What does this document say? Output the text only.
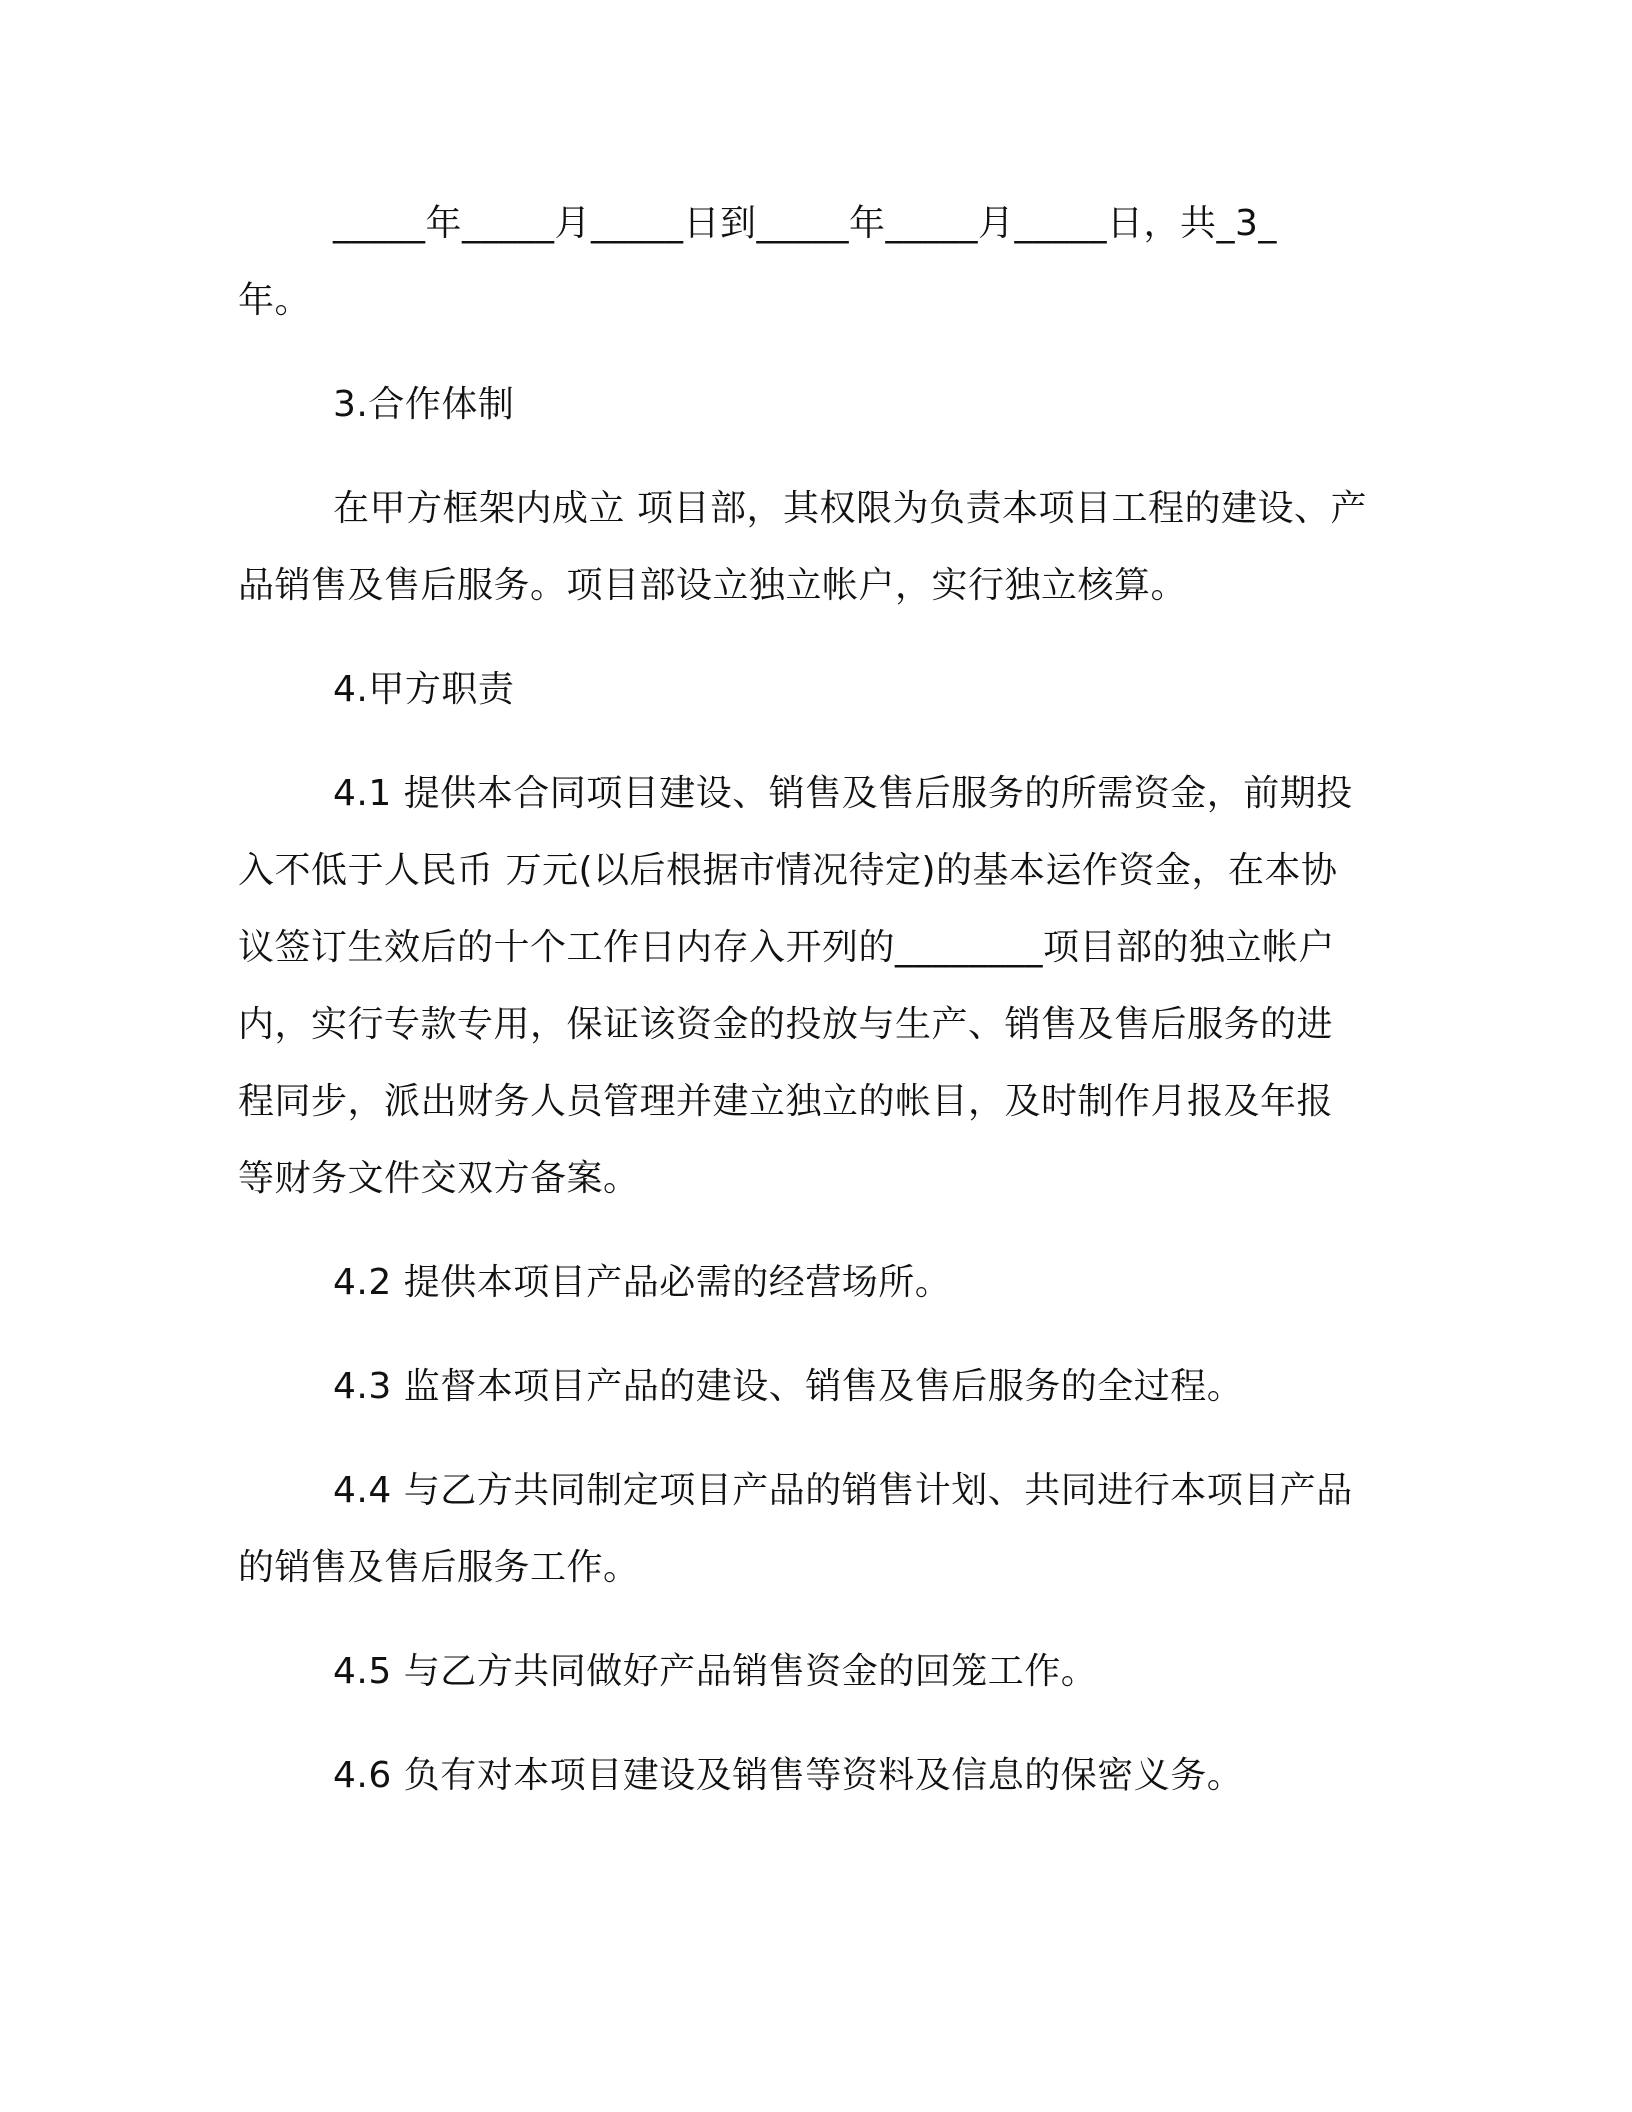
_____年_____月_____日到_____年_____月_____日，共_3_
年。
3.合作体制
在甲方框架内成立 项目部，其权限为负责本项目工程的建设、产
品销售及售后服务。项目部设立独立帐户，实行独立核算。
4.甲方职责
4.1 提供本合同项目建设、销售及售后服务的所需资金，前期投
入不低于人民币 万元(以后根据市情况待定)的基本运作资金，在本协
议签订生效后的十个工作日内存入开列的________项目部的独立帐户
内，实行专款专用，保证该资金的投放与生产、销售及售后服务的进
程同步，派出财务人员管理并建立独立的帐目，及时制作月报及年报
等财务文件交双方备案。
4.2 提供本项目产品必需的经营场所。
4.3 监督本项目产品的建设、销售及售后服务的全过程。
4.4 与乙方共同制定项目产品的销售计划、共同进行本项目产品
的销售及售后服务工作。
4.5 与乙方共同做好产品销售资金的回笼工作。
4.6 负有对本项目建设及销售等资料及信息的保密义务。
